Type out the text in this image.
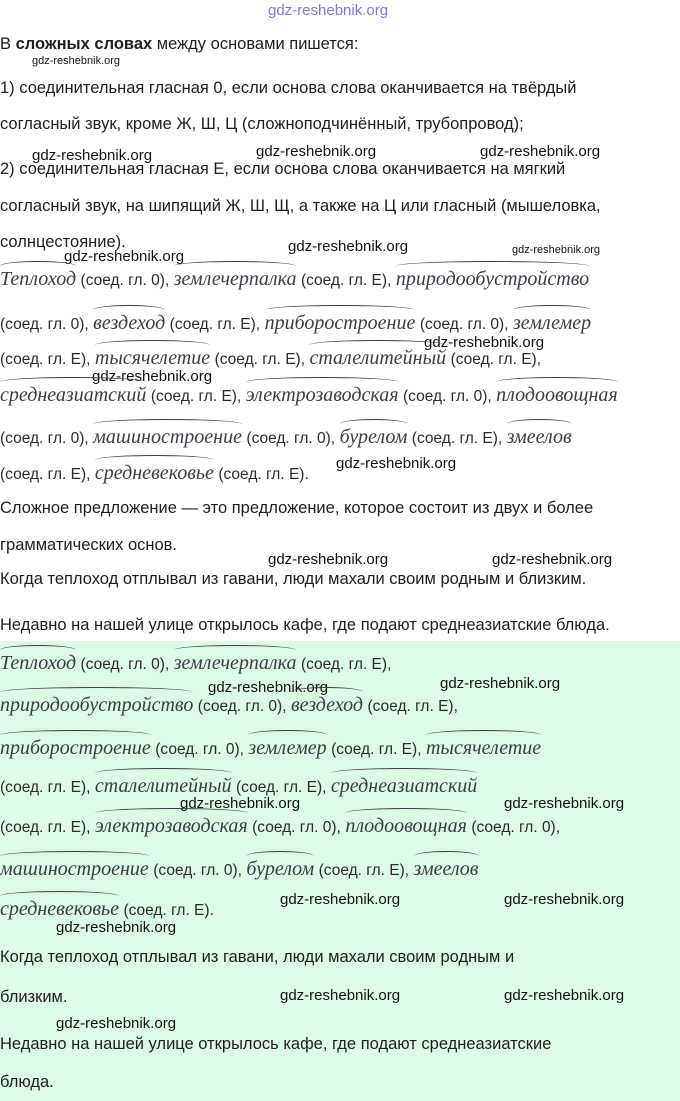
gdz-reshebnik.org
gdz-reshebnik.org
gdz-reshebnik.org	gdz-reshebnik.org	gdz-reshebnik.org
gdz-reshebnik.org
gdz-reshebnik.org	gdz-reshebnik.org
gdz-reshebnik.org
gdz-reshebnik.org
gdz-reshebnik.org
gdz-reshebnik.org	gdz-reshebnik.org
gdz-reshebnik.org	gdz-reshebnik.org
gdz-reshebnik.org	gdz-reshebnik.org
gdz-reshebnik.org	gdz-reshebnik.org
gdz-reshebnik.org
gdz-reshebnik.org	gdz-reshebnik.org
gdz-reshebnik.org
В сложных словах между основами пишется:
1) соединительная гласная 0, если основа слова оканчивается на твёрдый
согласный звук, кроме Ж, Ш, Ц (сложноподчинённый, трубопровод);
2) соединительная гласная Е, если основа слова оканчивается на мягкий
согласный звук, на шипящий Ж, Ш, Щ, а также на Ц или гласный (мышеловка,
солнцестояние).
Теплоход (соед. гл. 0), землечерпалка (соед. гл. Е), природообустройство
(соед. гл. 0), вездеход (соед. гл. Е), приборостроение (соед. гл. 0), землемер
(соед. гл. Е), тысячелетие (соед. гл. Е), сталелитейный (соед. гл. Е),
среднеазиатский (соед. гл. Е), электрозаводская (соед. гл. 0), плодоовощная
(соед. гл. 0), машиностроение (соед. гл. 0), бурелом (соед. гл. Е), змеелов
(соед. гл. Е), средневековье (соед. гл. Е).
Сложное предложение — это предложение, которое состоит из двух и более
грамматических основ.
Когда теплоход отплывал из гавани, люди махали своим родным и близким.
Недавно на нашей улице открылось кафе, где подают среднеазиатские блюда.
Теплоход (соед. гл. 0), землечерпалка (соед. гл. Е),
природообустройство (соед. гл. 0), вездеход (соед. гл. Е),
приборостроение (соед. гл. 0), землемер (соед. гл. Е), тысячелетие
(соед. гл. Е), сталелитейный (соед. гл. Е), среднеазиатский
(соед. гл. Е), электрозаводская (соед. гл. 0), плодоовощная (соед. гл. 0),
машиностроение (соед. гл. 0), бурелом (соед. гл. Е), змеелов
средневековье (соед. гл. Е).
Когда теплоход отплывал из гавани, люди махали своим родным и
близким.
Недавно на нашей улице открылось кафе, где подают среднеазиатские
блюда.
